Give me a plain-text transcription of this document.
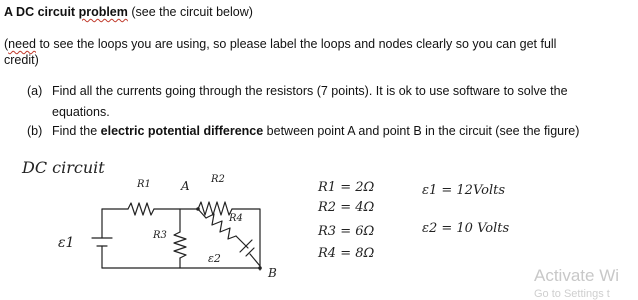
A DC circuit problem (see the circuit below)
(need to see the loops you are using, so please label the loops and nodes clearly so you can get full
credit)
(a) Find all the currents going through the resistors (7 points). It is ok to use software to solve the
equations.
(b) Find the electric potential difference between point A and point B in the circuit (see the figure)
DC circuit
R1	A R2
R4
R3
ε1
ε2
B
R1 = 2Ω
R2 = 4Ω
R3 = 6Ω
R4 = 8Ω
ε1 = 12Volts
ε2 = 10 Volts
Activate Wi
Go to Settings t
